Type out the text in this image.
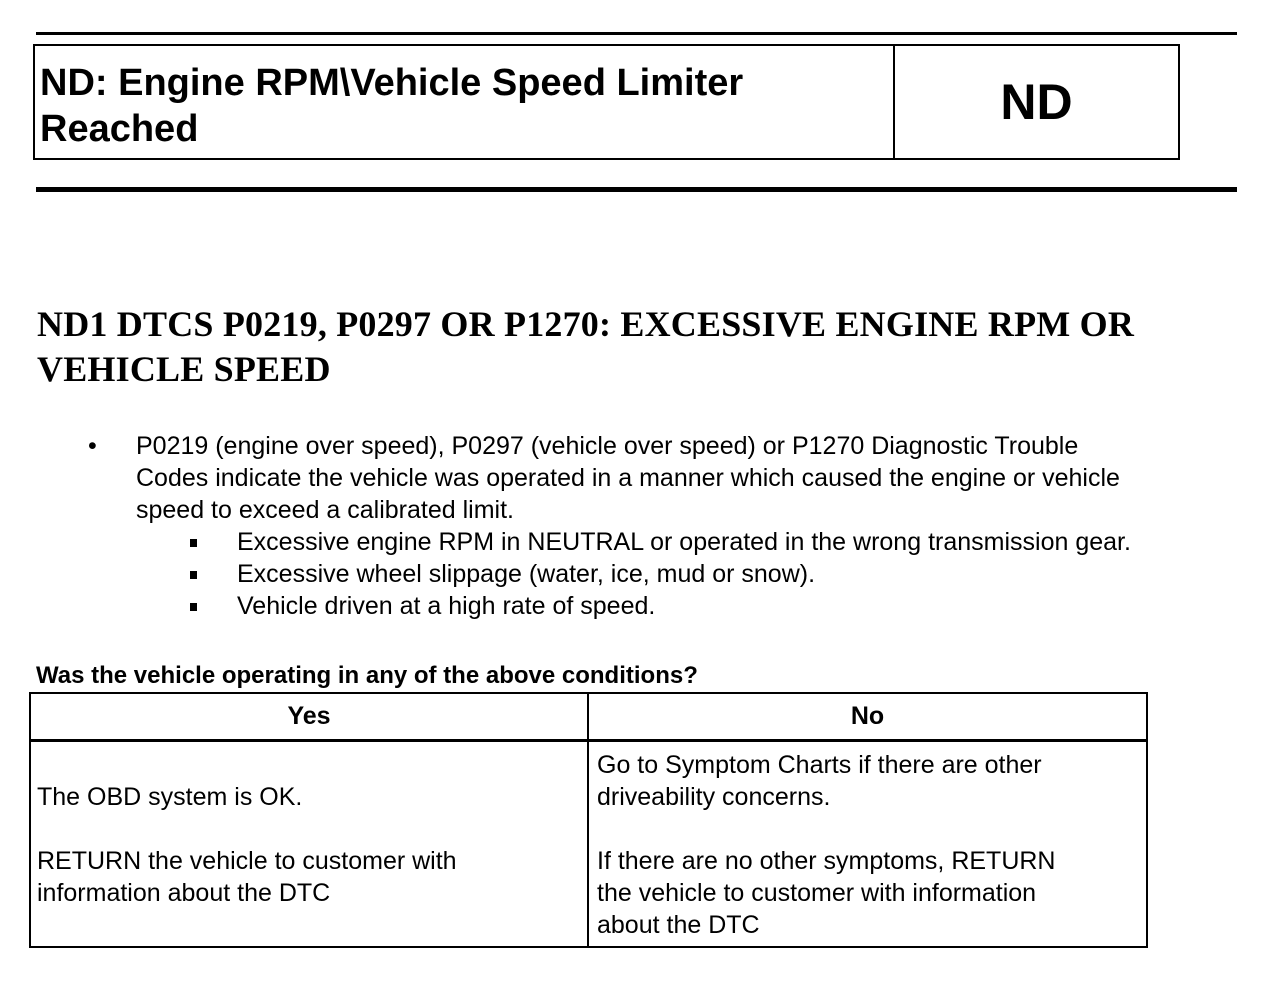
ND: Engine RPM\Vehicle Speed Limiter
Reached	ND
ND1 DTCS P0219, P0297 OR P1270: EXCESSIVE ENGINE RPM OR
VEHICLE SPEED
• P0219 (engine over speed), P0297 (vehicle over speed) or P1270 Diagnostic Trouble
Codes indicate the vehicle was operated in a manner which caused the engine or vehicle
speed to exceed a calibrated limit.
Excessive engine RPM in NEUTRAL or operated in the wrong transmission gear.
Excessive wheel slippage (water, ice, mud or snow).
Vehicle driven at a high rate of speed.
Was the vehicle operating in any of the above conditions?
Yes	No
The OBD system is OK.
RETURN the vehicle to customer with
information about the DTC
Go to Symptom Charts if there are other
driveability concerns.
If there are no other symptoms, RETURN
the vehicle to customer with information
about the DTC
